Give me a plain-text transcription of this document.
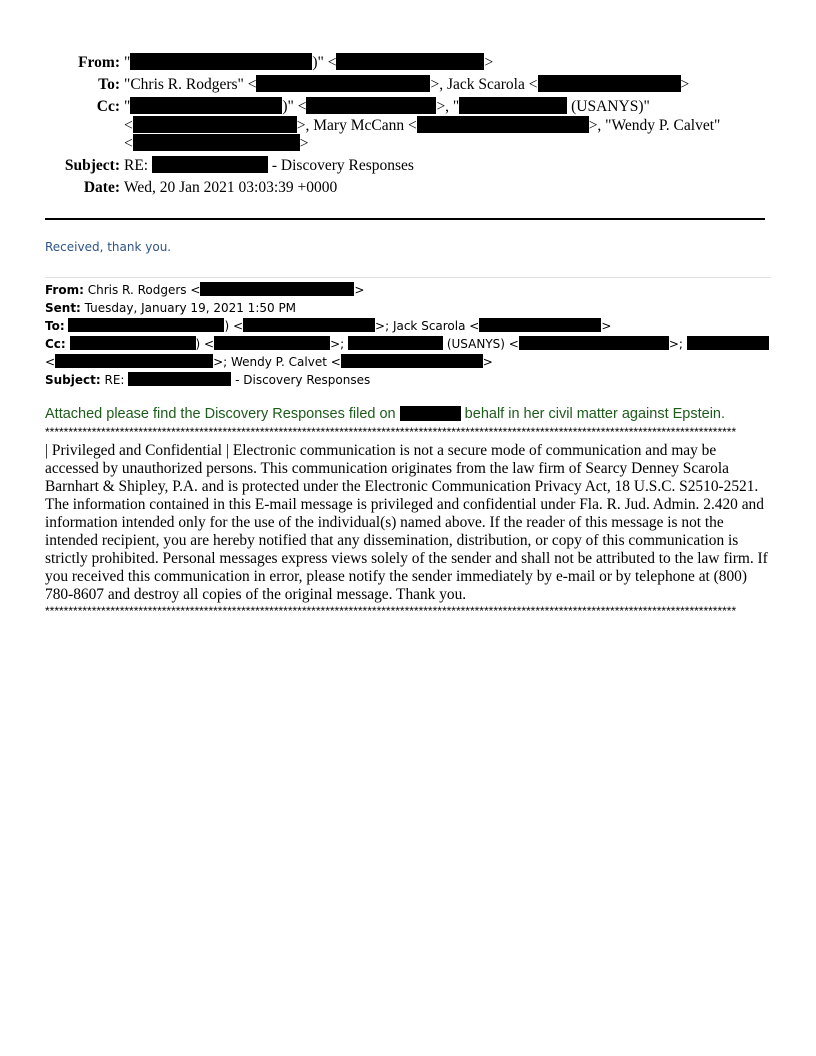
From: "	)" <	>
To: "Chris R. Rodgers" <	>, Jack Scarola <	>
Cc: "	)" <	>, "	(USANYS)"
<	>, Mary McCann <	>, "Wendy P. Calvet"
<	>
Subject: RE:	- Discovery Responses
Date: Wed, 20 Jan 2021 03:03:39 +0000
Received, thank you.
From: Chris R. Rodgers <	>
Sent: Tuesday, January 19, 2021 1:50 PM
To:	) <	>; Jack Scarola <	>
Cc:	) <	>;	(USANYS) <	>;
<	>; Wendy P. Calvet <	>
Subject: RE:	- Discovery Responses
Attached please find the Discovery Responses filed on	behalf in her civil matter against Epstein.
****************************************************************************************************************************************************
| Privileged and Confidential | Electronic communication is not a secure mode of communication and may be accessed by unauthorized persons. This communication originates from the law firm of Searcy Denney Scarola Barnhart & Shipley, P.A. and is protected under the Electronic Communication Privacy Act, 18 U.S.C. S2510-2521. The information contained in this E-mail message is privileged and confidential under Fla. R. Jud. Admin. 2.420 and information intended only for the use of the individual(s) named above. If the reader of this message is not the intended recipient, you are hereby notified that any dissemination, distribution, or copy of this communication is strictly prohibited. Personal messages express views solely of the sender and shall not be attributed to the law firm. If you received this communication in error, please notify the sender immediately by e-mail or by telephone at (800) 780-8607 and destroy all copies of the original message. Thank you.
****************************************************************************************************************************************************
